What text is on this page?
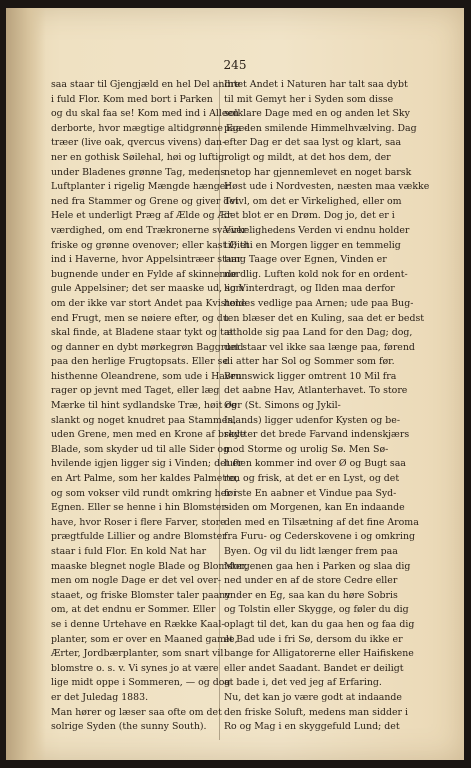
245
saa staar til Gjengjæld en hel Del andre
i fuld Flor. Kom med bort i Parken
og du skal faa se! Kom med ind i Alleen
derborte, hvor mægtige altidgrønne Ege-
træer (live oak, qvercus vivens) dan-
ner en gothisk Søilehal, høi og luftig
under Bladenes grønne Tag, medens
Luftplanter i rigelig Mængde hænger
ned fra Stammer og Grene og giver det
Hele et underligt Præg af Ælde og Ær-
værdighed, om end Trækronerne svæver
friske og grønne ovenover; eller kast Øiet
ind i Haverne, hvor Appelsintræer staar
bugnende under en Fylde af skinnende
gule Appelsiner; det ser maaske ud, som
om der ikke var stort Andet paa Kvistene
end Frugt, men se nøiere efter, og du
skal finde, at Bladene staar tykt og tæt
og danner en dybt mørkegrøn Baggrund
paa den herlige Frugtopsats. Eller se
histhenne Oleandrene, som ude i Haven
rager op jevnt med Taget, eller læg
Mærke til hint sydlandske Træ, høit og
slankt og noget knudret paa Stammen,
uden Grene, men med en Krone af brede
Blade, som skyder ud til alle Sider og
hvilende igjen ligger sig i Vinden; det er
en Art Palme, som her kaldes Palmetto,
og som vokser vild rundt omkring her i
Egnen. Eller se henne i hin Blomster-
have, hvor Roser i flere Farver, store
prægtfulde Lillier og andre Blomster
staar i fuld Flor. En kold Nat har
maaske blegnet nogle Blade og Blomster,
men om nogle Dage er det vel over-
staaet, og friske Blomster taler paany
om, at det endnu er Sommer. Eller
se i denne Urtehave en Række Kaal-
planter, som er over en Maaned gamle,
Ærter, Jordbærplanter, som snart vil
blomstre o. s. v. Vi synes jo at være
lige midt oppe i Sommeren, — og dog
er det Juledag 1883.
Man hører og læser saa ofte om det
solrige Syden (the sunny South).
Intet Andet i Naturen har talt saa dybt
til mit Gemyt her i Syden som disse
solklare Dage med en og anden let Sky
paa den smilende Himmelhvælving. Dag
efter Dag er det saa lyst og klart, saa
roligt og mildt, at det hos dem, der
netop har gjennemlevet en noget barsk
Høst ude i Nordvesten, næsten maa vække
Tvivl, om det er Virkelighed, eller om
det blot er en Drøm. Dog jo, det er i
Virkelighedens Verden vi endnu holder
til; thi en Morgen ligger en temmelig
tung Taage over Egnen, Vinden er
nordlig. Luften kold nok for en ordent-
lig Vinterdragt, og Ilden maa derfor
holdes vedlige paa Arnen; ude paa Bug-
ten blæser det en Kuling, saa det er bedst
at holde sig paa Land for den Dag; dog,
det staar vel ikke saa længe paa, førend
di atter har Sol og Sommer som før.
Brunswick ligger omtrent 10 Mil fra
det aabne Hav, Atlanterhavet. To store
Øer (St. Simons og Jykil-
Islands) ligger udenfor Kysten og be-
skytter det brede Farvand indenskjærs
mod Storme og urolig Sø. Men Sø-
luften kommer ind over Ø og Bugt saa
ren og frisk, at det er en Lyst, og det
første En aabner et Vindue paa Syd-
siden om Morgenen, kan En indaande
den med en Tilsætning af det fine Aroma
fra Furu- og Cederskovene i og omkring
Byen. Og vil du lidt længer frem paa
Morgenen gaa hen i Parken og slaa dig
ned under en af de store Cedre eller
under en Eg, saa kan du høre Sobris
og Tolstin eller Skygge, og føler du dig
oplagt til det, kan du gaa hen og faa dig
et Bad ude i fri Sø, dersom du ikke er
bange for Alligatorerne eller Haifiskene
eller andet Saadant. Bandet er deiligt
at bade i, det ved jeg af Erfaring.
Nu, det kan jo være godt at indaande
den friske Soluft, medens man sidder i
Ro og Mag i en skyggefuld Lund; det
